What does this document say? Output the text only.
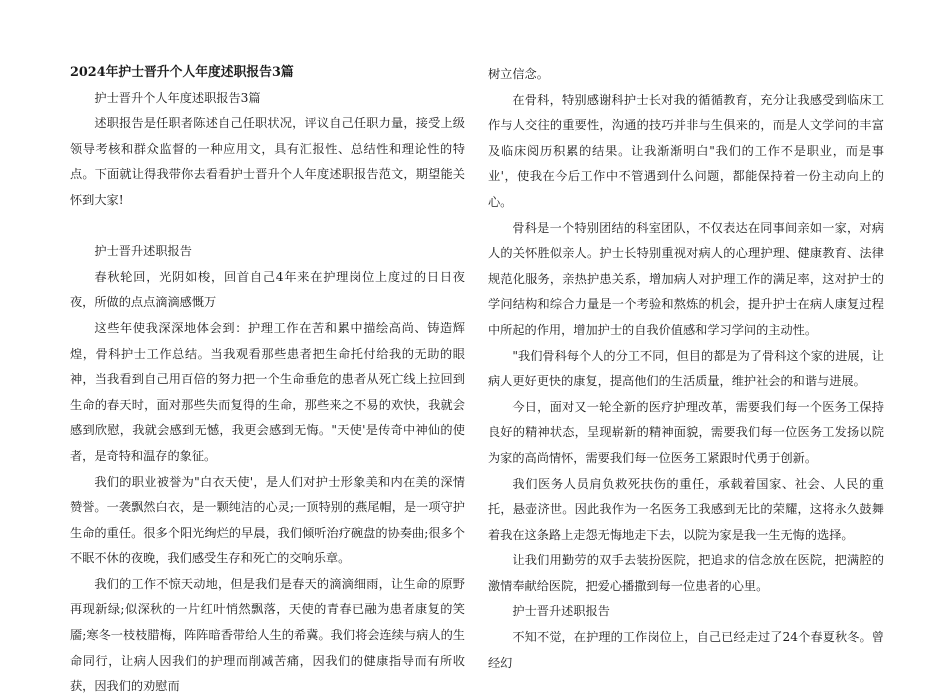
2024年护士晋升个人年度述职报告3篇

护士晋升个人年度述职报告3篇

述职报告是任职者陈述自己任职状况，评议自己任职力量，接受上级领导考核和群众监督的一种应用文，具有汇报性、总结性和理论性的特点。下面就让得我带你去看看护士晋升个人年度述职报告范文，期望能关怀到大家!

护士晋升述职报告

春秋轮回，光阴如梭，回首自己4年来在护理岗位上度过的日日夜夜，所做的点点滴滴感慨万

这些年使我深深地体会到：护理工作在苦和累中描绘高尚、铸造辉煌，骨科护士工作总结。当我观看那些患者把生命托付给我的无助的眼神，当我看到自己用百倍的努力把一个生命垂危的患者从死亡线上拉回到生命的春天时，面对那些失而复得的生命，那些来之不易的欢快，我就会感到欣慰，我就会感到无憾，我更会感到无悔。"天使'是传奇中神仙的使者，是奇特和温存的象征。

我们的职业被誉为"白衣天使'，是人们对护士形象美和内在美的深情赞誉。一袭飘然白衣，是一颗纯洁的心灵;一顶特别的燕尾帽，是一项守护生命的重任。很多个阳光绚烂的早晨，我们倾听治疗碗盘的协奏曲;很多个不眠不休的夜晚，我们感受生存和死亡的交响乐章。

我们的工作不惊天动地，但是我们是春天的滴滴细雨，让生命的原野再现新绿;似深秋的一片红叶悄然飘落，天使的青春已融为患者康复的笑靥;寒冬一枝枝腊梅，阵阵暗香带给人生的希冀。我们将会连续与病人的生命同行，让病人因我们的护理而削减苦痛，因我们的健康指导而有所收获，因我们的劝慰而

树立信念。

在骨科，特别感谢科护士长对我的循循教育，充分让我感受到临床工作与人交往的重要性，沟通的技巧并非与生俱来的，而是人文学问的丰富及临床阅历积累的结果。让我渐渐明白"我们的工作不是职业，而是事业'，使我在今后工作中不管遇到什么问题，都能保持着一份主动向上的心。

骨科是一个特别团结的科室团队，不仅表达在同事间亲如一家，对病人的关怀胜似亲人。护士长特别重视对病人的心理护理、健康教育、法律规范化服务，亲热护患关系，增加病人对护理工作的满足率，这对护士的学问结构和综合力量是一个考验和熬炼的机会，提升护士在病人康复过程中所起的作用，增加护士的自我价值感和学习学问的主动性。

"我们骨科每个人的分工不同，但目的都是为了骨科这个家的进展，让病人更好更快的康复，提高他们的生活质量，维护社会的和谐与进展。

今日，面对又一轮全新的医疗护理改革，需要我们每一个医务工保持良好的精神状态，呈现崭新的精神面貌，需要我们每一位医务工发扬以院为家的高尚情怀，需要我们每一位医务工紧跟时代勇于创新。

我们医务人员肩负救死扶伤的重任，承载着国家、社会、人民的重托，悬壶济世。因此我作为一名医务工我感到无比的荣耀，这将永久鼓舞着我在这条路上走怨无悔地走下去，以院为家是我一生无悔的选择。

让我们用勤劳的双手去装扮医院，把追求的信念放在医院，把满腔的激情奉献给医院，把爱心播撒到每一位患者的心里。

护士晋升述职报告

不知不觉，在护理的工作岗位上，自己已经走过了24个春夏秋冬。曾经幻
